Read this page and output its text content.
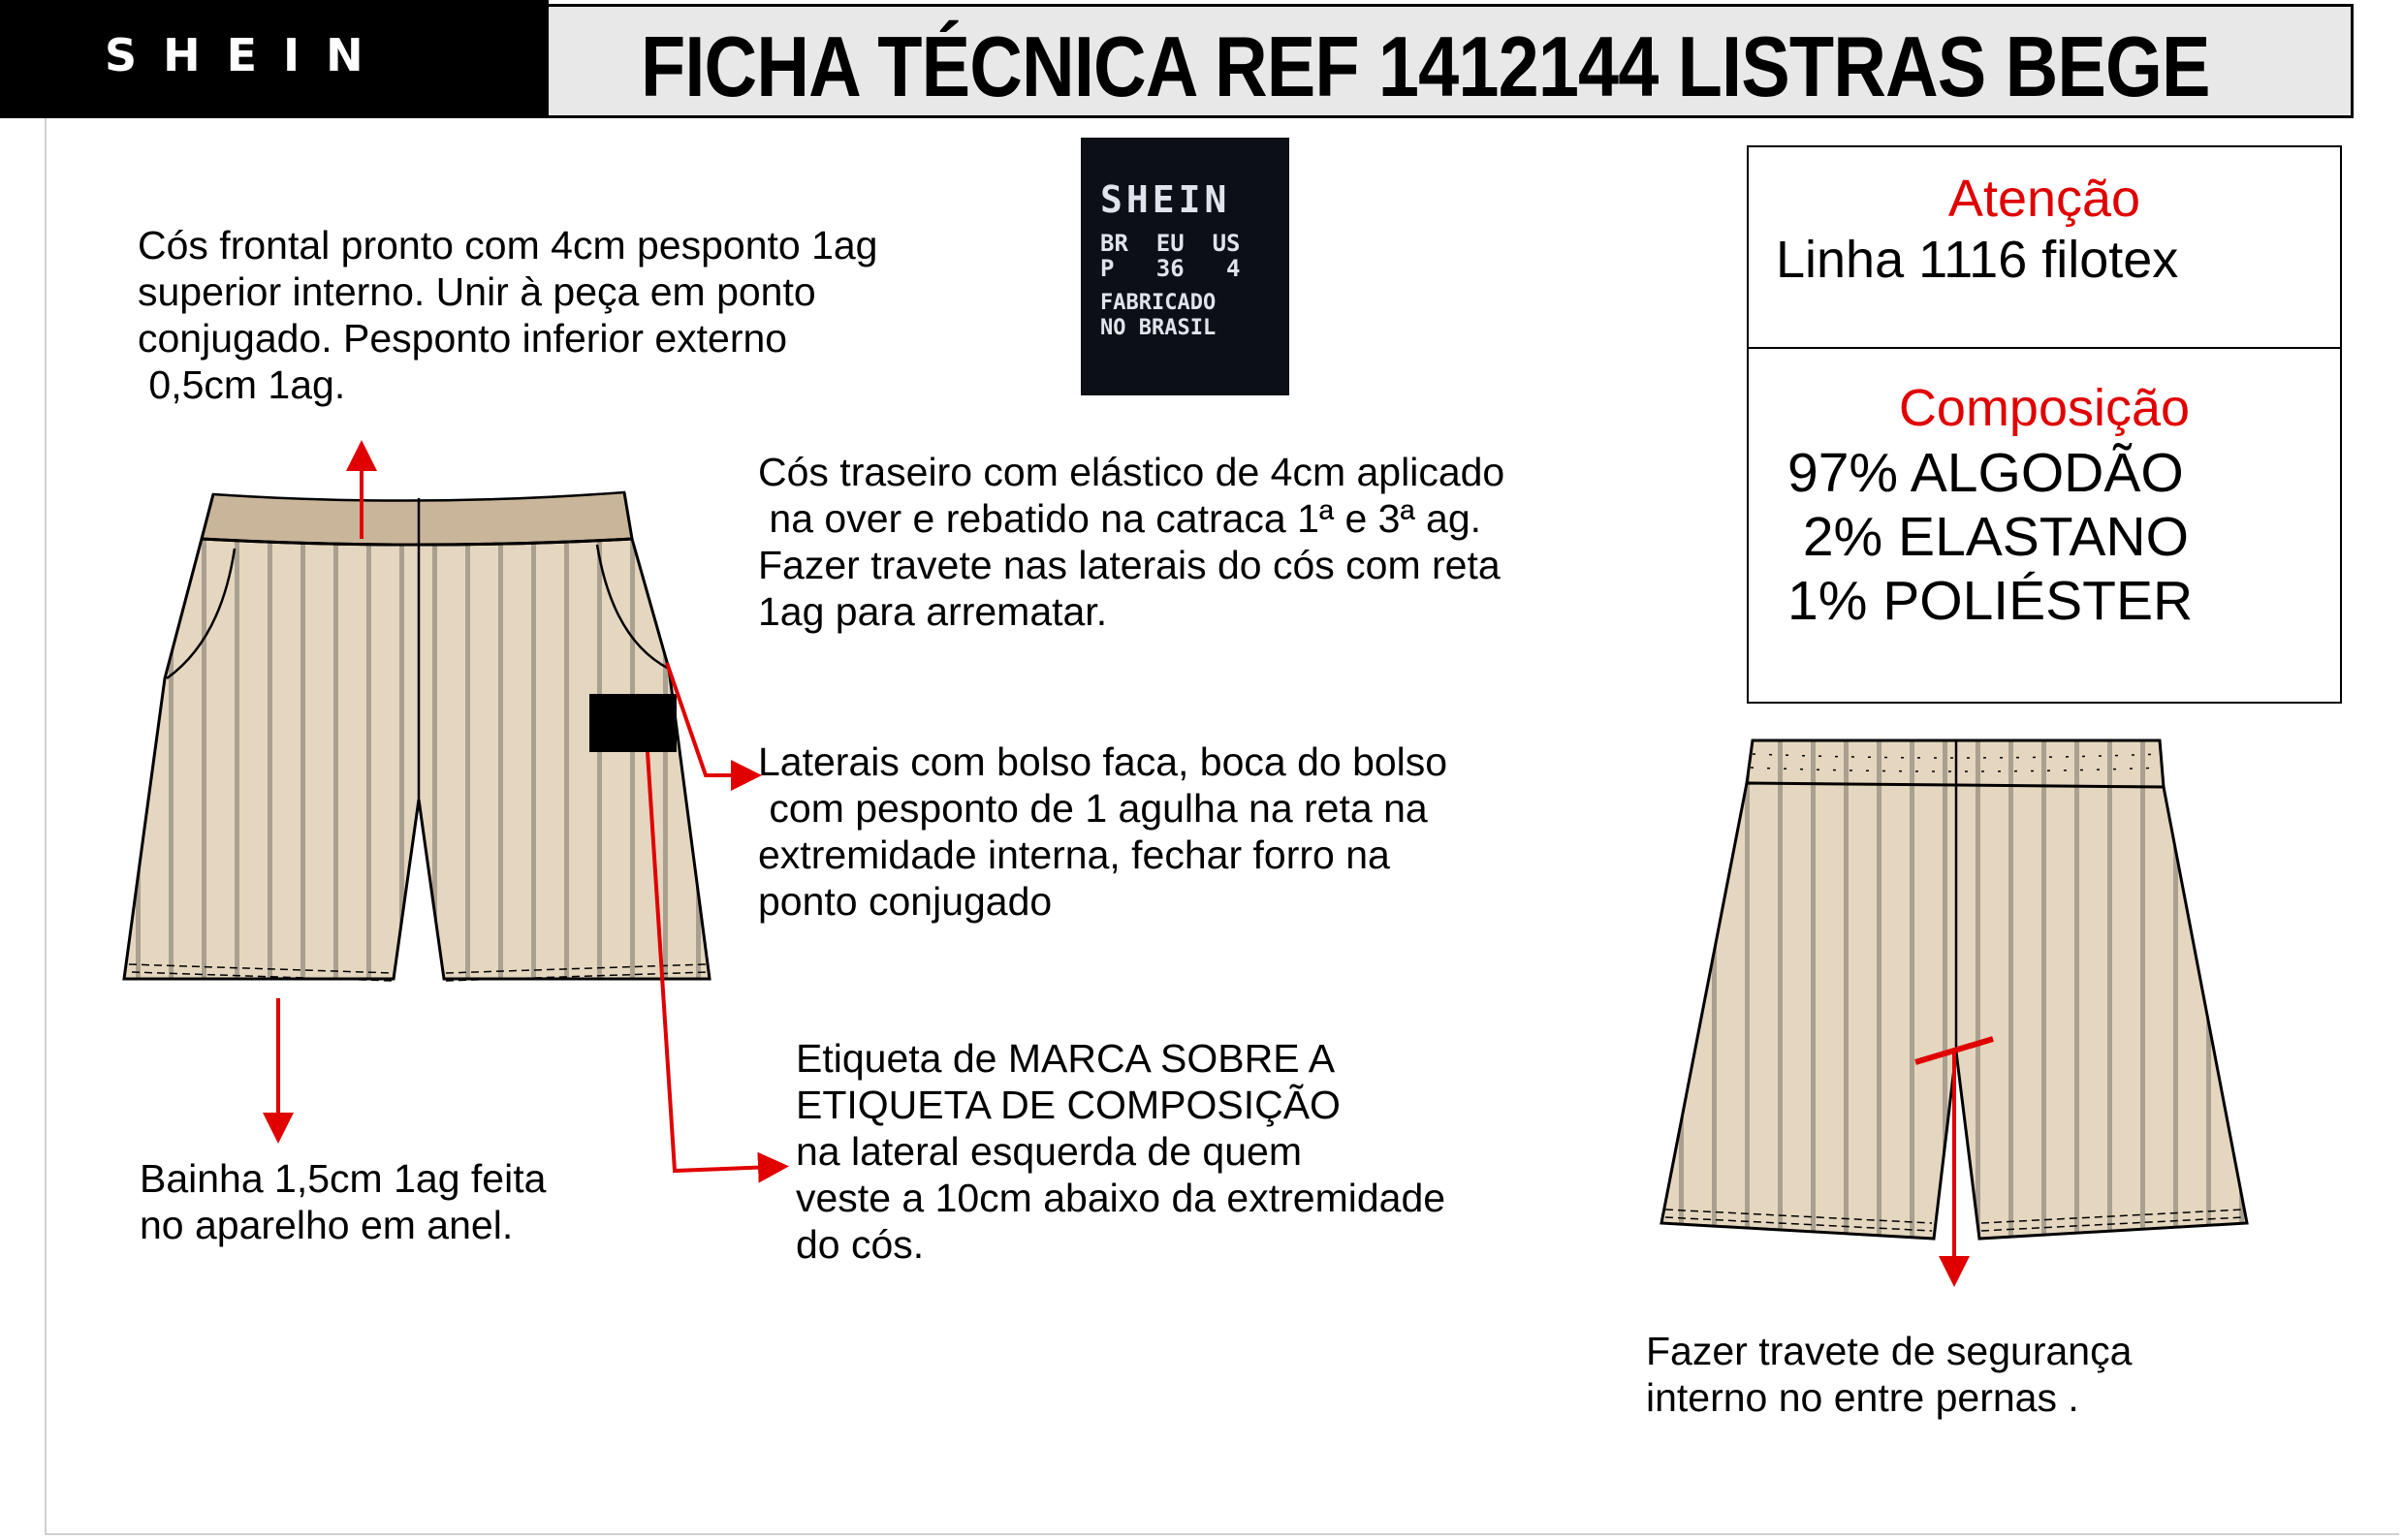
SHEIN	FICHA TÉCNICA REF 1412144 LISTRAS BEGE
Cós frontal pronto com 4cm pesponto 1ag
superior interno. Unir à peça em ponto
conjugado. Pesponto inferior externo
0,5cm 1ag.
Cós traseiro com elástico de 4cm aplicado
na over e rebatido na catraca 1ª e 3ª ag.
Fazer travete nas laterais do cós com reta
1ag para arrematar.
Laterais com bolso faca, boca do bolso
com pesponto de 1 agulha na reta na
extremidade interna, fechar forro na
ponto conjugado
Etiqueta de MARCA SOBRE A
ETIQUETA DE COMPOSIÇÃO
na lateral esquerda de quem
veste a 10cm abaixo da extremidade
do cós.
Bainha 1,5cm 1ag feita
no aparelho em anel.
Fazer travete de segurança
interno no entre pernas .
SHEIN
BR  EU  US
P   36   4
FABRICADO
NO BRASIL
Atenção
Linha 1116 filotex
Composição
97% ALGODÃO
2% ELASTANO
1% POLIÉSTER
